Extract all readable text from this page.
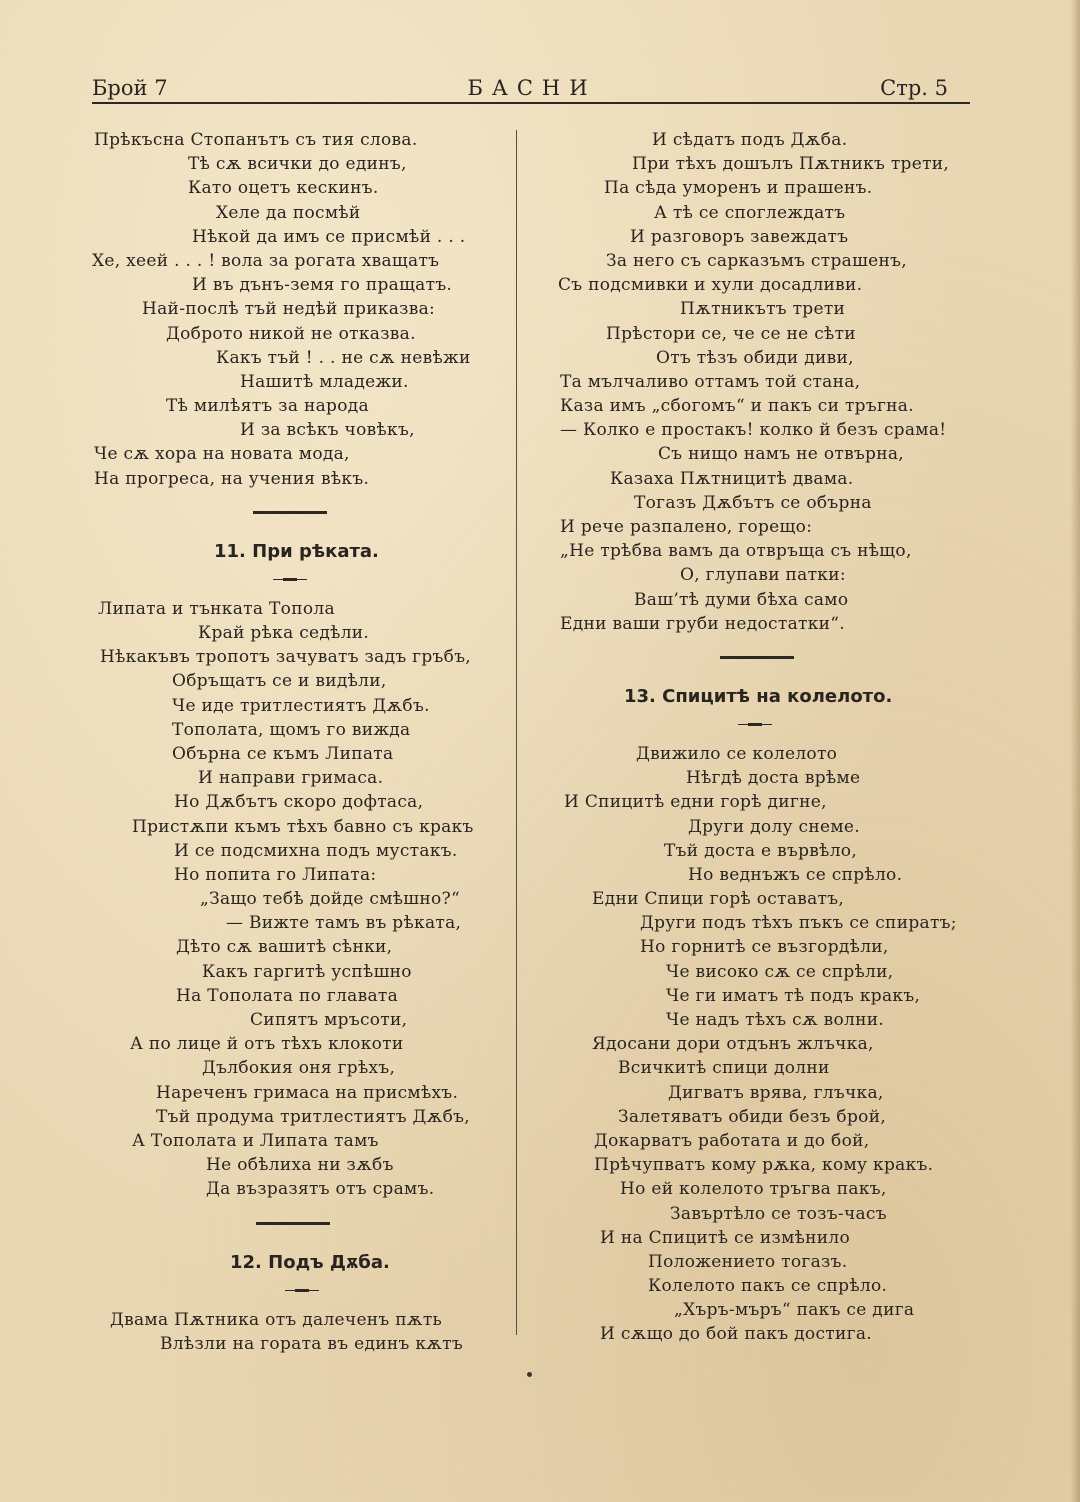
Брой 7	БАСНИ	Стр. 5
Прѣкъсна Стопанътъ съ тия слова.
Тѣ сѫ всички до единъ,
Като оцетъ кескинъ.
Хеле да посмѣй
Нѣкой да имъ се присмѣй . . .
Хе, хеей . . . ! вола за рогата хващатъ
И въ дънъ-земя го пращатъ.
Най-послѣ тъй недѣй приказва:
Доброто никой не отказва.
Какъ тъй ! . . не сѫ невѣжи
Нашитѣ младежи.
Тѣ милѣятъ за народа
И за всѣкъ човѣкъ,
Че сѫ хора на новата мода,
На прогреса, на учения вѣкъ.
11. При рѣката.
Липата и тънката Топола
Край рѣка седѣли.
Нѣкакъвъ тропотъ зачуватъ задъ гръбъ,
Обръщатъ се и видѣли,
Че иде тритлестиятъ Дѫбъ.
Тополата, щомъ го вижда
Обърна се къмъ Липата
И направи гримаса.
Но Дѫбътъ скоро дофтаса,
Пристѫпи къмъ тѣхъ бавно съ кракъ
И се подсмихна подъ мустакъ.
Но попита го Липата:
„Защо тебѣ дойде смѣшно?“
— Вижте тамъ въ рѣката,
Дѣто сѫ вашитѣ сѣнки,
Какъ гаргитѣ успѣшно
На Тополата по главата
Сипятъ мръсоти,
А по лице й отъ тѣхъ клокоти
Дълбокия оня грѣхъ,
Нареченъ гримаса на присмѣхъ.
Тъй продума тритлестиятъ Дѫбъ,
А Тополата и Липата тамъ
Не обѣлиха ни зѫбъ
Да възразятъ отъ срамъ.
12. Подъ Дѫба.
Двама Пѫтника отъ далеченъ пѫть
Влѣзли на гората въ единъ кѫтъ
И сѣдатъ подъ Дѫба.
При тѣхъ дошълъ Пѫтникъ трети,
Па сѣда уморенъ и прашенъ.
А тѣ се споглеждатъ
И разговоръ завеждатъ
За него съ сарказъмъ страшенъ,
Съ подсмивки и хули досадливи.
Пѫтникътъ трети
Прѣстори се, че се не сѣти
Отъ тѣзъ обиди диви,
Та мълчаливо оттамъ той стана,
Каза имъ „сбогомъ“ и пакъ си тръгна.
— Колко е простакъ! колко й безъ срама!
Съ нищо намъ не отвърна,
Казаха Пѫтницитѣ двама.
Тогазъ Дѫбътъ се обърна
И рече разпалено, горещо:
„Не трѣбва вамъ да отвръща съ нѣщо,
О, глупави патки:
Ваш’тѣ думи бѣха само
Едни ваши груби недостатки“.
13. Спицитѣ на колелото.
Движило се колелото
Нѣгдѣ доста врѣме
И Спицитѣ едни горѣ дигне,
Други долу снеме.
Тъй доста е вървѣло,
Но веднъжъ се спрѣло.
Едни Спици горѣ оставатъ,
Други подъ тѣхъ пъкъ се спиратъ;
Но горнитѣ се възгордѣли,
Че високо сѫ се спрѣли,
Че ги иматъ тѣ подъ кракъ,
Че надъ тѣхъ сѫ волни.
Ядосани дори отдънъ жлъчка,
Всичкитѣ спици долни
Дигватъ врява, глъчка,
Залетяватъ обиди безъ брой,
Докарватъ работата и до бой,
Прѣчупватъ кому рѫка, кому кракъ.
Но ей колелото тръгва пакъ,
Завъртѣло се тозъ-часъ
И на Спицитѣ се измѣнило
Положението тогазъ.
Колелото пакъ се спрѣло.
„Хъръ-мъръ“ пакъ се дига
И сѫщо до бой пакъ достига.
